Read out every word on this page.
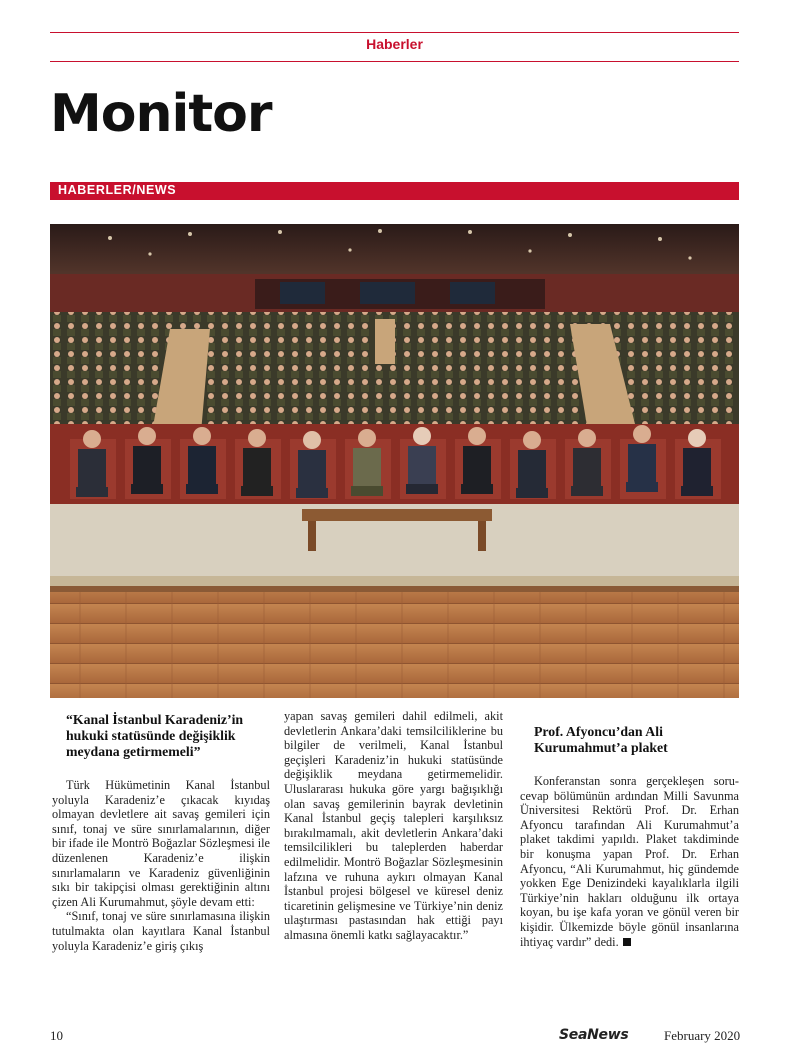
Haberler
Monitor
HABERLER/NEWS

“Kanal İstanbul Karadeniz’in hukuki statüsünde değişiklik meydana getirmemeli”

Türk Hükümetinin Kanal İstanbul yoluyla Karadeniz’e çıkacak kıyıdaş olmayan devletlere ait savaş gemileri için sınıf, tonaj ve süre sınırlamalarının, diğer bir ifade ile Montrö Boğazlar Sözleşmesi ile düzenlenen Karadeniz’e ilişkin sınırlamaların ve Karadeniz güvenliğinin sıkı bir takipçisi olması gerektiğinin altını çizen Ali Kurumahmut, şöyle devam etti:

“Sınıf, tonaj ve süre sınırlamasına ilişkin tutulmakta olan kayıtlara Kanal İstanbul yoluyla Karadeniz’e giriş çıkış

yapan savaş gemileri dahil edilmeli, akit devletlerin Ankara’daki temsilciliklerine bu bilgiler de verilmeli, Kanal İstanbul geçişleri Karadeniz’in hukuki statüsünde değişiklik meydana getirmemelidir. Uluslararası hukuka göre yargı bağışıklığı olan savaş gemilerinin bayrak devletinin Kanal İstanbul geçiş talepleri karşılıksız bırakılmamalı, akit devletlerin Ankara’daki temsilcilikleri bu taleplerden haberdar edilmelidir. Montrö Boğazlar Sözleşmesinin lafzına ve ruhuna aykırı olmayan Kanal İstanbul projesi bölgesel ve küresel deniz ticaretinin gelişmesine ve Türkiye’nin deniz ulaştırması pastasından hak ettiği payı almasına önemli katkı sağlayacaktır.”

Prof. Afyoncu’dan Ali Kurumahmut’a plaket

Konferanstan sonra gerçekleşen soru-cevap bölümünün ardından Milli Savunma Üniversitesi Rektörü Prof. Dr. Erhan Afyoncu tarafından Ali Kurumahmut’a plaket takdimi yapıldı. Plaket takdiminde bir konuşma yapan Prof. Dr. Erhan Afyoncu, “Ali Kurumahmut, hiç gündemde yokken Ege Denizindeki kayalıklarla ilgili Türkiye’nin hakları olduğunu ilk ortaya koyan, bu işe kafa yoran ve gönül veren bir kişidir. Ülkemizde böyle gönül insanlarına ihtiyaç vardır” dedi.

10	SeaNews	February 2020
